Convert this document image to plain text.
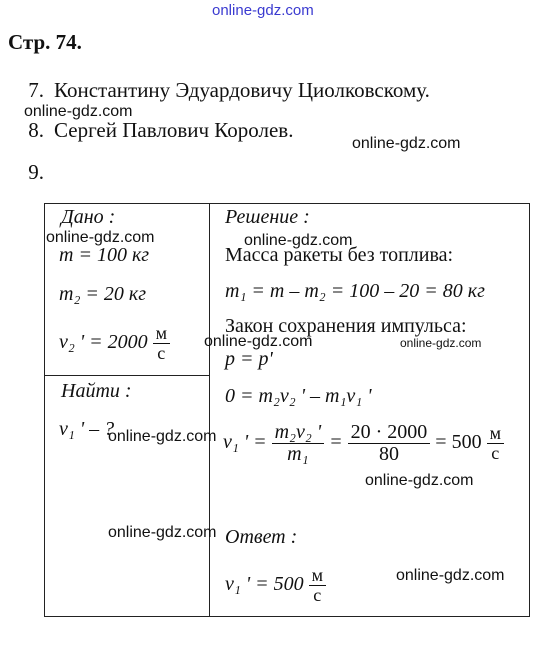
online-gdz.com
Стр. 74.
7. Константину Эдуардовичу Циолковскому.
online-gdz.com
8. Сергей Павлович Королев.
online-gdz.com
9.
Дано :
m = 100 кг
m₂ = 20 кг
v₂ ' = $2000 \frac{м}{с}$
Найти :
v₁ ' – ?
Решение :
Масса ракеты без топлива:
m₁ = m – m₂ = 100 – 20 = 80 кг
Закон сохранения импульса:
p = p'
0 = m₂v₂ ' – m₁v₁ '
v₁ ' = $\frac{\text{m₂v₂ '}}{\text{m₁}} = \frac{20 \cdot 2000}{80} = 500 \frac{м}{с}$
Ответ :
v₁ ' = $500 \frac{м}{с}$
online-gdz.com	online-gdz.com
online-gdz.com	online-gdz.com
online-gdz.com
online-gdz.com
online-gdz.com
online-gdz.com
